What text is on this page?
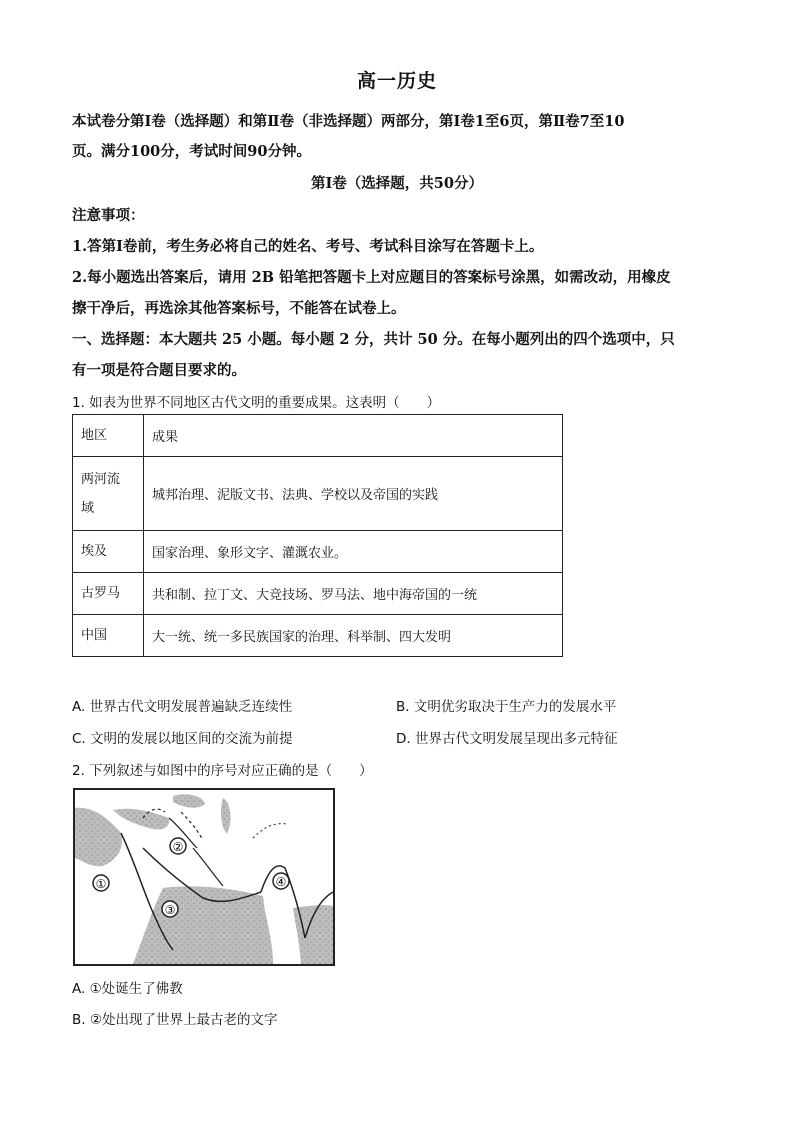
高一历史
本试卷分第Ⅰ卷（选择题）和第Ⅱ卷（非选择题）两部分，第Ⅰ卷1至6页，第Ⅱ卷7至10
页。满分100分，考试时间90分钟。
第Ⅰ卷（选择题，共50分）
注意事项：
1.答第Ⅰ卷前，考生务必将自己的姓名、考号、考试科目涂写在答题卡上。
2.每小题选出答案后，请用 2B 铅笔把答题卡上对应题目的答案标号涂黑，如需改动，用橡皮
擦干净后，再选涂其他答案标号，不能答在试卷上。
一、选择题：本大题共 25 小题。每小题 2 分，共计 50 分。在每小题列出的四个选项中，只
有一项是符合题目要求的。
1. 如表为世界不同地区古代文明的重要成果。这表明（　　）
地区	成果
两河流
域	城邦治理、泥版文书、法典、学校以及帝国的实践
埃及	国家治理、象形文字、灌溉农业。
古罗马	共和制、拉丁文、大竞技场、罗马法、地中海帝国的一统
中国	大一统、统一多民族国家的治理、科举制、四大发明
A. 世界古代文明发展普遍缺乏连续性	B. 文明优劣取决于生产力的发展水平
C. 文明的发展以地区间的交流为前提	D. 世界古代文明发展呈现出多元特征
2. 下列叙述与如图中的序号对应正确的是（　　）
①
②
③
④
A. ①处诞生了佛教
B. ②处出现了世界上最古老的文字
